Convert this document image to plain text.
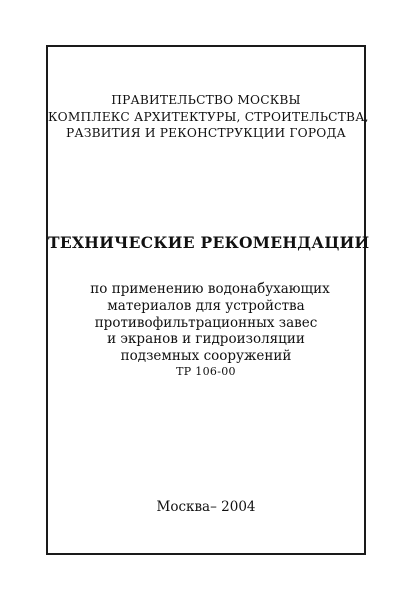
ПРАВИТЕЛЬСТВО МОСКВЫ
КОМПЛЕКС АРХИТЕКТУРЫ, СТРОИТЕЛЬСТВА,
РАЗВИТИЯ И РЕКОНСТРУКЦИИ ГОРОДА
ТЕХНИЧЕСКИЕ РЕКОМЕНДАЦИИ
по применению водонабухающих
материалов для устройства
противофильтрационных завес
и экранов и гидроизоляции
подземных сооружений
ТР 106-00
Москва– 2004
